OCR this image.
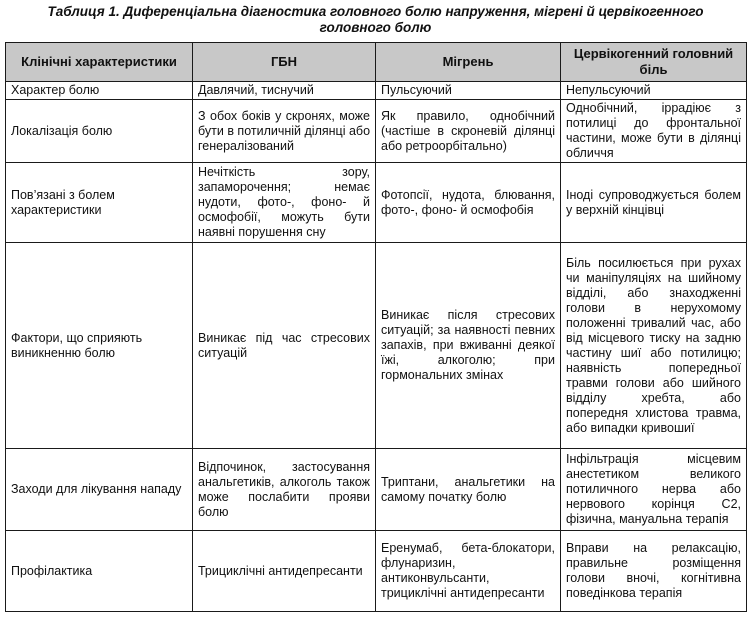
Таблиця 1. Диференціальна діагностика головного болю напруження, мігрені й цервікогенного
головного болю
Клінічні характеристики	ГБН	Мігрень	Цервікогенний головний біль
Характер болю	Давлячий, тиснучий	Пульсуючий	Непульсуючий
Локалізація болю	З обох боків у скронях, може бути в потиличній ділянці або генералізований	Як правило, однобічний (частіше в скроневій ділянці або ретроорбітально)	Однобічний, іррадіює з потилиці до фронтальної частини, може бути в ділянці обличчя
Пов’язані з болем характеристики	Нечіткість зору, запаморочення; немає нудоти, фото-, фоно- й осмофобії, можуть бути наявні порушення сну	Фотопсії, нудота, блювання, фото-, фоно- й осмофобія	Іноді супроводжується болем у верхній кінцівці
Фактори, що сприяють виникненню болю	Виникає під час стресових ситуацій	Виникає після стресових ситуацій; за наявності певних запахів, при вживанні деякої їжі, алкоголю; при гормональних змінах	Біль посилюється при рухах чи маніпуляціях на шийному відділі, або знаходженні голови в нерухомому положенні тривалий час, або від місцевого тиску на задню частину шиї або потилицю; наявність попередньої травми голови або шийного відділу хребта, або попередня хлистова травма, або випадки кривошиї
Заходи для лікування нападу	Відпочинок, застосування анальгетиків, алкоголь також може послабити прояви болю	Триптани, анальгетики на самому початку болю	Інфільтрація місцевим анестетиком великого потиличного нерва або нервового корінця С2, фізична, мануальна терапія
Профілактика	Трициклічні антидепресанти	Еренумаб, бета-блокатори, флунаризин, антиконвульсанти, трициклічні антидепресанти	Вправи на релаксацію, правильне розміщення голови вночі, когнітивна поведінкова терапія
